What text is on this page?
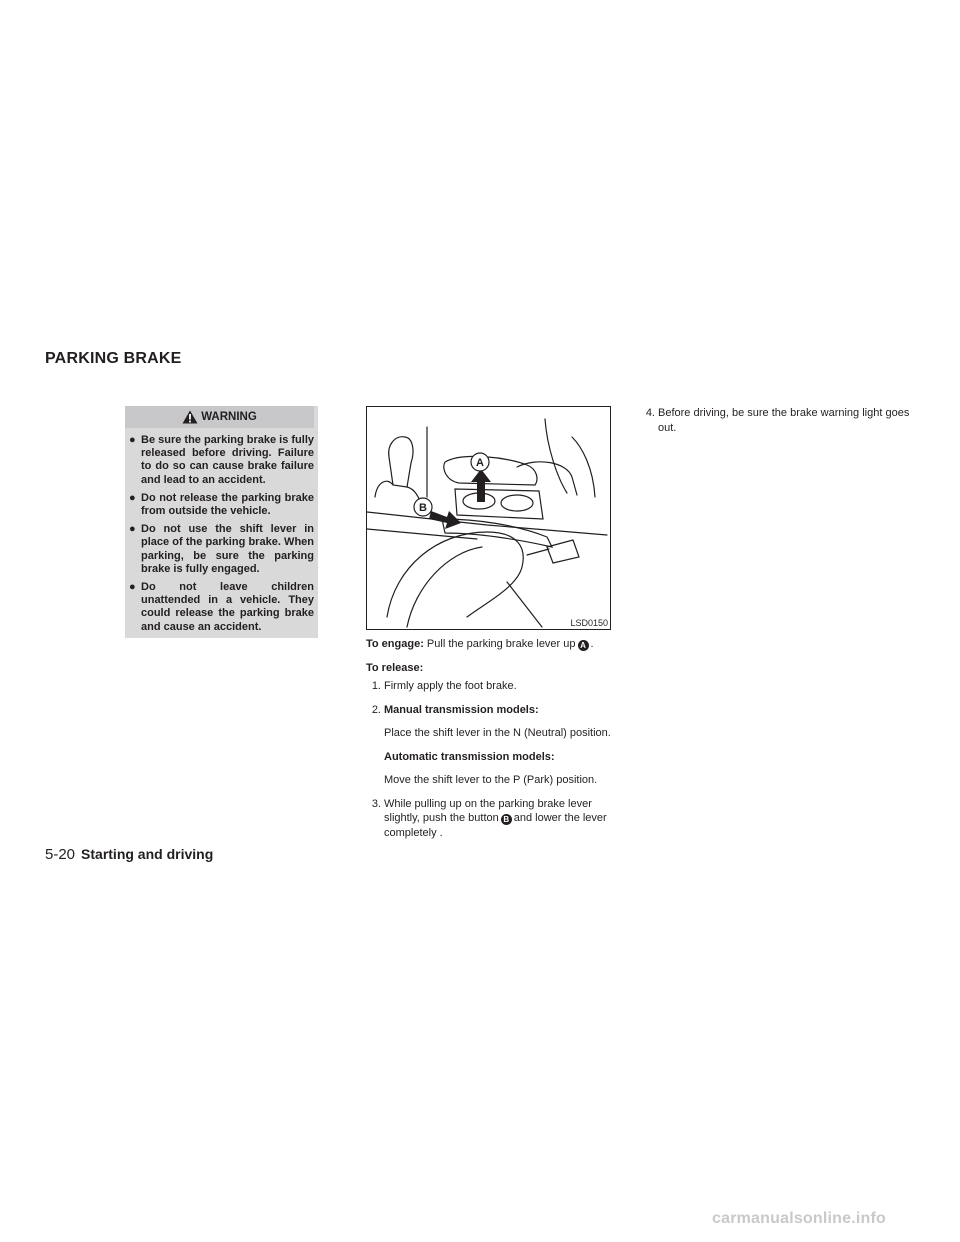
PARKING BRAKE
WARNING
● Be sure the parking brake is fully released before driving. Failure to do so can cause brake failure and lead to an accident.
● Do not release the parking brake from outside the vehicle.
● Do not use the shift lever in place of the parking brake. When parking, be sure the parking brake is fully engaged.
● Do not leave children unattended in a vehicle. They could release the parking brake and cause an accident.
A
B
LSD0150

To engage: Pull the parking brake lever up A .

To release:

1. Firmly apply the foot brake.
2. Manual transmission models:
Place the shift lever in the N (Neutral) position.
Automatic transmission models:
Move the shift lever to the P (Park) position.
3. While pulling up on the parking brake lever slightly, push the button B and lower the lever completely .
4. Before driving, be sure the brake warning light goes out.
5-20 Starting and driving
carmanualsonline.info
